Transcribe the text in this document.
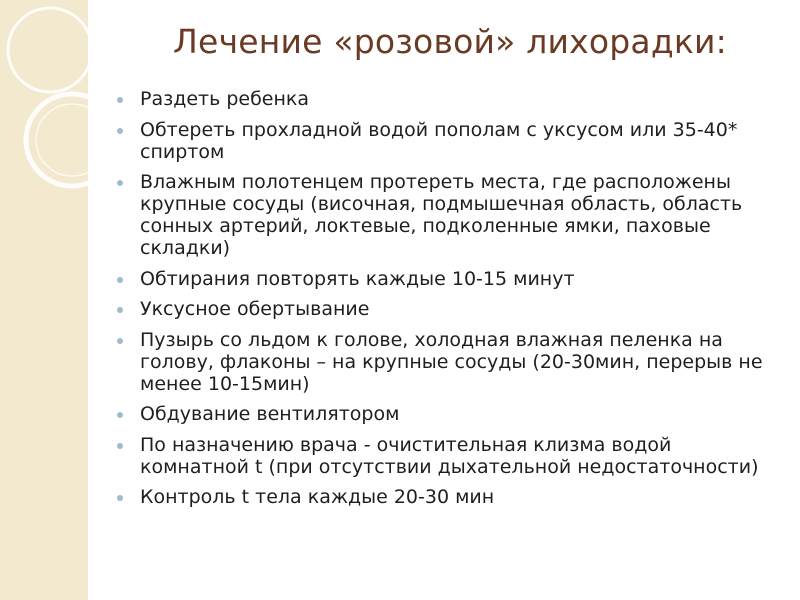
Лечение «розовой» лихорадки:
Раздеть ребенка
Обтереть прохладной водой пополам с уксусом или 35-40* спиртом
Влажным полотенцем протереть места, где расположены крупные сосуды (височная, подмышечная область, область сонных артерий, локтевые, подколенные ямки, паховые складки)
Обтирания повторять каждые 10-15 минут
Уксусное обертывание
Пузырь со льдом к голове, холодная влажная пеленка на голову, флаконы – на крупные сосуды (20-30мин, перерыв не менее 10-15мин)
Обдувание вентилятором
По назначению врача - очистительная клизма водой комнатной t (при отсутствии дыхательной недостаточности)
Контроль t тела каждые 20-30 мин
